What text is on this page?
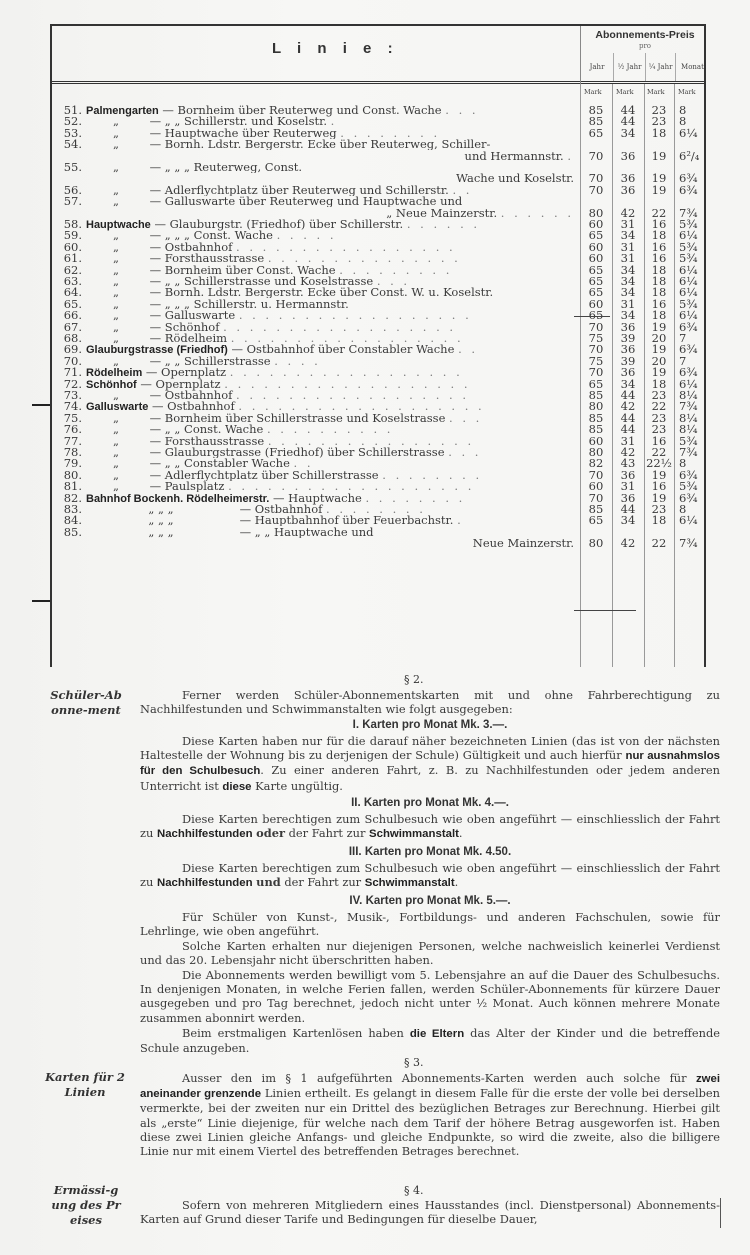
L i n i e :
Abonnements-Preis
pro
Jahr	½ Jahr	¼ Jahr	Monat
Mark Mark Mark Mark
51. Palmengarten — Bornheim über Reuterweg und Const. Wache . . .	85	44	23	8
52.	„	— „ „ Schillerstr. und Koselstr. .	85	44	23	8
53.	„	— Hauptwache über Reuterweg . . . . . . . .	65	34	18	6¼
54.	„	— Bornh. Ldstr. Bergerstr. Ecke über Reuterweg, Schiller-
und Hermannstr. .	70	36	19	6²/₄
55.	„	— „ „ „ Reuterweg, Const.
Wache und Koselstr.	70	36	19	6¾
56.	„	— Adlerflychtplatz über Reuterweg und Schillerstr. . .	70	36	19	6¾
57.	„	— Galluswarte über Reuterweg und Hauptwache und
„ Neue Mainzerstr. . . . . . .	80	42	22	7¾
58. Hauptwache — Glauburgstr. (Friedhof) über Schillerstr. . . . . . .	60	31	16	5¾
59.	„	— „ „ „ Const. Wache . . . . .	65	34	18	6¼
60.	„	— Ostbahnhof . . . . . . . . . . . . . . . . .	60	31	16	5¾
61.	„	— Forsthausstrasse . . . . . . . . . . . . . . .	60	31	16	5¾
62.	„	— Bornheim über Const. Wache . . . . . . . . .	65	34	18	6¼
63.	„	— „ „ Schillerstrasse und Koselstrasse . . .	65	34	18	6¼
64.	„	— Bornh. Ldstr. Bergerstr. Ecke über Const. W. u. Koselstr.	65	34	18	6¼
65.	„	— „ „ „ Schillerstr. u. Hermannstr.	60	31	16	5¾
66.	„	— Galluswarte . . . . . . . . . . . . . . . . . .	65	34	18	6¼
67.	„	— Schönhof . . . . . . . . . . . . . . . . . .	70	36	19	6¾
68.	„	— Rödelheim . . . . . . . . . . . . . . . . . .	75	39	20	7
69. Glauburgstrasse (Friedhof) — Ostbahnhof über Constabler Wache . .	70	36	19	6¾
70.	„	— „ „ Schillerstrasse . . . .	75	39	20	7
71. Rödelheim — Opernplatz . . . . . . . . . . . . . . . . . .	70	36	19	6¾
72. Schönhof — Opernplatz . . . . . . . . . . . . . . . . . . .	65	34	18	6¼
73.	„	— Ostbahnhof . . . . . . . . . . . . . . . . . .	85	44	23	8¼
74. Galluswarte — Ostbahnhof . . . . . . . . . . . . . . . . . . .	80	42	22	7¾
75.	„	— Bornheim über Schillerstrasse und Koselstrasse . . .	85	44	23	8¼
76.	„	— „ „ Const. Wache . . . . . . . . . .	85	44	23	8¼
77.	„	— Forsthausstrasse . . . . . . . . . . . . . . . .	60	31	16	5¾
78.	„	— Glauburgstrasse (Friedhof) über Schillerstrasse . . .	80	42	22	7¾
79.	„	— „ „ Constabler Wache . .	82	43 22½ 8
80.	„	— Adlerflychtplatz über Schillerstrasse . . . . . . . .	70	36	19	6¾
81.	„	— Paulsplatz . . . . . . . . . . . . . . . . . . .	60	31	16	5¾
82. Bahnhof Bockenh. Rödelheimerstr. — Hauptwache . . . . . . . .	70	36	19	6¾
83.	„ „ „	— Ostbahnhof . . . . . . . .	85	44	23	8
84.	„ „ „	— Hauptbahnhof über Feuerbachstr. .	65	34	18	6¼
85.	„ „ „	— „ „ Hauptwache und
Neue Mainzerstr.	80	42	22	7¾
§ 2.
Schüler-Abonne-ment
Ferner werden Schüler-Abonnementskarten mit und ohne Fahrberechtigung zu Nachhilfestunden und Schwimmanstalten wie folgt ausgegeben:
I. Karten pro Monat Mk. 3.—.
Diese Karten haben nur für die darauf näher bezeichneten Linien (das ist von der nächsten Haltestelle der Wohnung bis zu derjenigen der Schule) Gültigkeit und auch hierfür nur ausnahmslos für den Schulbesuch. Zu einer anderen Fahrt, z. B. zu Nachhilfestunden oder jedem anderen Unterricht ist diese Karte ungültig.
II. Karten pro Monat Mk. 4.—.
Diese Karten berechtigen zum Schulbesuch wie oben angeführt — einschliesslich der Fahrt zu Nachhilfestunden oder der Fahrt zur Schwimmanstalt.
III. Karten pro Monat Mk. 4.50.
Diese Karten berechtigen zum Schulbesuch wie oben angeführt — einschliesslich der Fahrt zu Nachhilfestunden und der Fahrt zur Schwimmanstalt.
IV. Karten pro Monat Mk. 5.—.
Für Schüler von Kunst-, Musik-, Fortbildungs- und anderen Fachschulen, sowie für Lehrlinge, wie oben angeführt.
Solche Karten erhalten nur diejenigen Personen, welche nachweislich keinerlei Verdienst und das 20. Lebensjahr nicht überschritten haben.
Die Abonnements werden bewilligt vom 5. Lebensjahre an auf die Dauer des Schulbesuchs. In denjenigen Monaten, in welche Ferien fallen, werden Schüler-Abonnements für kürzere Dauer ausgegeben und pro Tag berechnet, jedoch nicht unter ½ Monat. Auch können mehrere Monate zusammen abonnirt werden.
Beim erstmaligen Kartenlösen haben die Eltern das Alter der Kinder und die betreffende Schule anzugeben.
§ 3.
Karten für 2 Linien
Ausser den im § 1 aufgeführten Abonnements-Karten werden auch solche für zwei aneinander grenzende Linien ertheilt. Es gelangt in diesem Falle für die erste der volle bei derselben vermerkte, bei der zweiten nur ein Drittel des bezüglichen Betrages zur Berechnung. Hierbei gilt als „erste“ Linie diejenige, für welche nach dem Tarif der höhere Betrag ausgeworfen ist. Haben diese zwei Linien gleiche Anfangs- und gleiche Endpunkte, so wird die zweite, also die billigere Linie nur mit einem Viertel des betreffenden Betrages berechnet.
Ermässi-gung des Preises
§ 4.
Sofern von mehreren Mitgliedern eines Hausstandes (incl. Dienstpersonal) Abonnements-Karten auf Grund dieser Tarife und Bedingungen für dieselbe Dauer,
